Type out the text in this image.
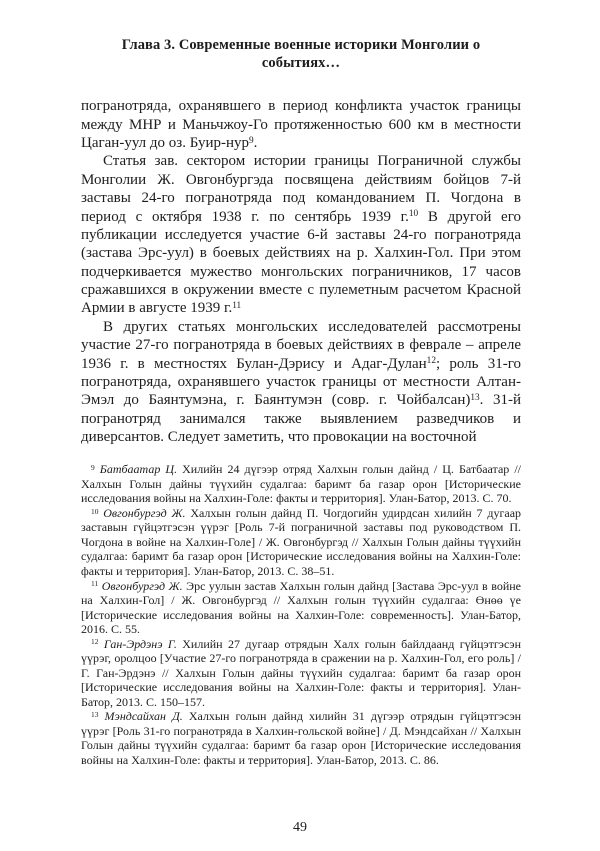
Глава 3. Современные военные историки Монголии о событиях…

погранотряда, охранявшего в период конфликта участок границы между МНР и Маньчжоу-Го протяженностью 600 км в местности Цаган-уул до оз. Буир-нур$^9$.

Статья зав. сектором истории границы Пограничной службы Монголии Ж. Овгонбургэда посвящена действиям бойцов 7-й заставы 24-го погранотряда под командованием П. Чогдона в период с октября 1938 г. по сентябрь 1939 г.$^{10}$ В другой его публикации исследуется участие 6-й заставы 24-го погранотряда (застава Эрс-уул) в боевых действиях на р. Халхин-Гол. При этом подчеркивается мужество монгольских пограничников, 17 часов сражавшихся в окружении вместе с пулеметным расчетом Красной Армии в августе 1939 г.$^{11}$

В других статьях монгольских исследователей рассмотрены участие 27-го погранотряда в боевых действиях в феврале – апреле 1936 г. в местностях Булан-Дэрису и Адаг-Дулан$^{12}$; роль 31-го погранотряда, охранявшего участок границы от местности Алтан-Эмэл до Баянтумэна, г. Баянтумэн (совр. г. Чойбалсан)$^{13}$. 31-й погранотряд занимался также выявлением разведчиков и диверсантов. Следует заметить, что провокации на восточной

$^9$ Батбаатар Ц. Хилийн 24 дүгээр отряд Халхын голын дайнд / Ц. Батбаатар // Халхын Голын дайны түүхийн судалгаа: баримт ба газар орон [Исторические исследования войны на Халхин-Голе: факты и территория]. Улан-Батор, 2013. С. 70.

$^{10}$ Овгонбургэд Ж. Халхын голын дайнд П. Чогдогийн удирдсан хилийн 7 дугаар заставын гүйцэтгэсэн үүрэг [Роль 7-й пограничной заставы под руководством П. Чогдона в войне на Халхин-Голе] / Ж. Овгонбургэд // Халхын Голын дайны түүхийн судалгаа: баримт ба газар орон [Исторические исследования войны на Халхин-Голе: факты и территория]. Улан-Батор, 2013. С. 38–51.

$^{11}$ Овгонбургэд Ж. Эрс уулын застав Халхын голын дайнд [Застава Эрс-уул в войне на Халхин-Гол] / Ж. Овгонбургэд // Халхын голын түүхийн судалгаа: Өнөө үе [Исторические исследования войны на Халхин-Голе: современность]. Улан-Батор, 2016. С. 55.

$^{12}$ Ган-Эрдэнэ Г. Хилийн 27 дугаар отрядын Халх голын байлдаанд гүйцэтгэсэн үүрэг, оролцоо [Участие 27-го погранотряда в сражении на р. Халхин-Гол, его роль] / Г. Ган-Эрдэнэ // Халхын Голын дайны түүхийн судалгаа: баримт ба газар орон [Исторические исследования войны на Халхин-Голе: факты и территория]. Улан-Батор, 2013. С. 150–157.

$^{13}$ Мэндсайхан Д. Халхын голын дайнд хилийн 31 дүгээр отрядын гүйцэтгэсэн үүрэг [Роль 31-го погранотряда в Халхин-гольской войне] / Д. Мэндсайхан // Халхын Голын дайны түүхийн судалгаа: баримт ба газар орон [Исторические исследования войны на Халхин-Голе: факты и территория]. Улан-Батор, 2013. С. 86.

49
